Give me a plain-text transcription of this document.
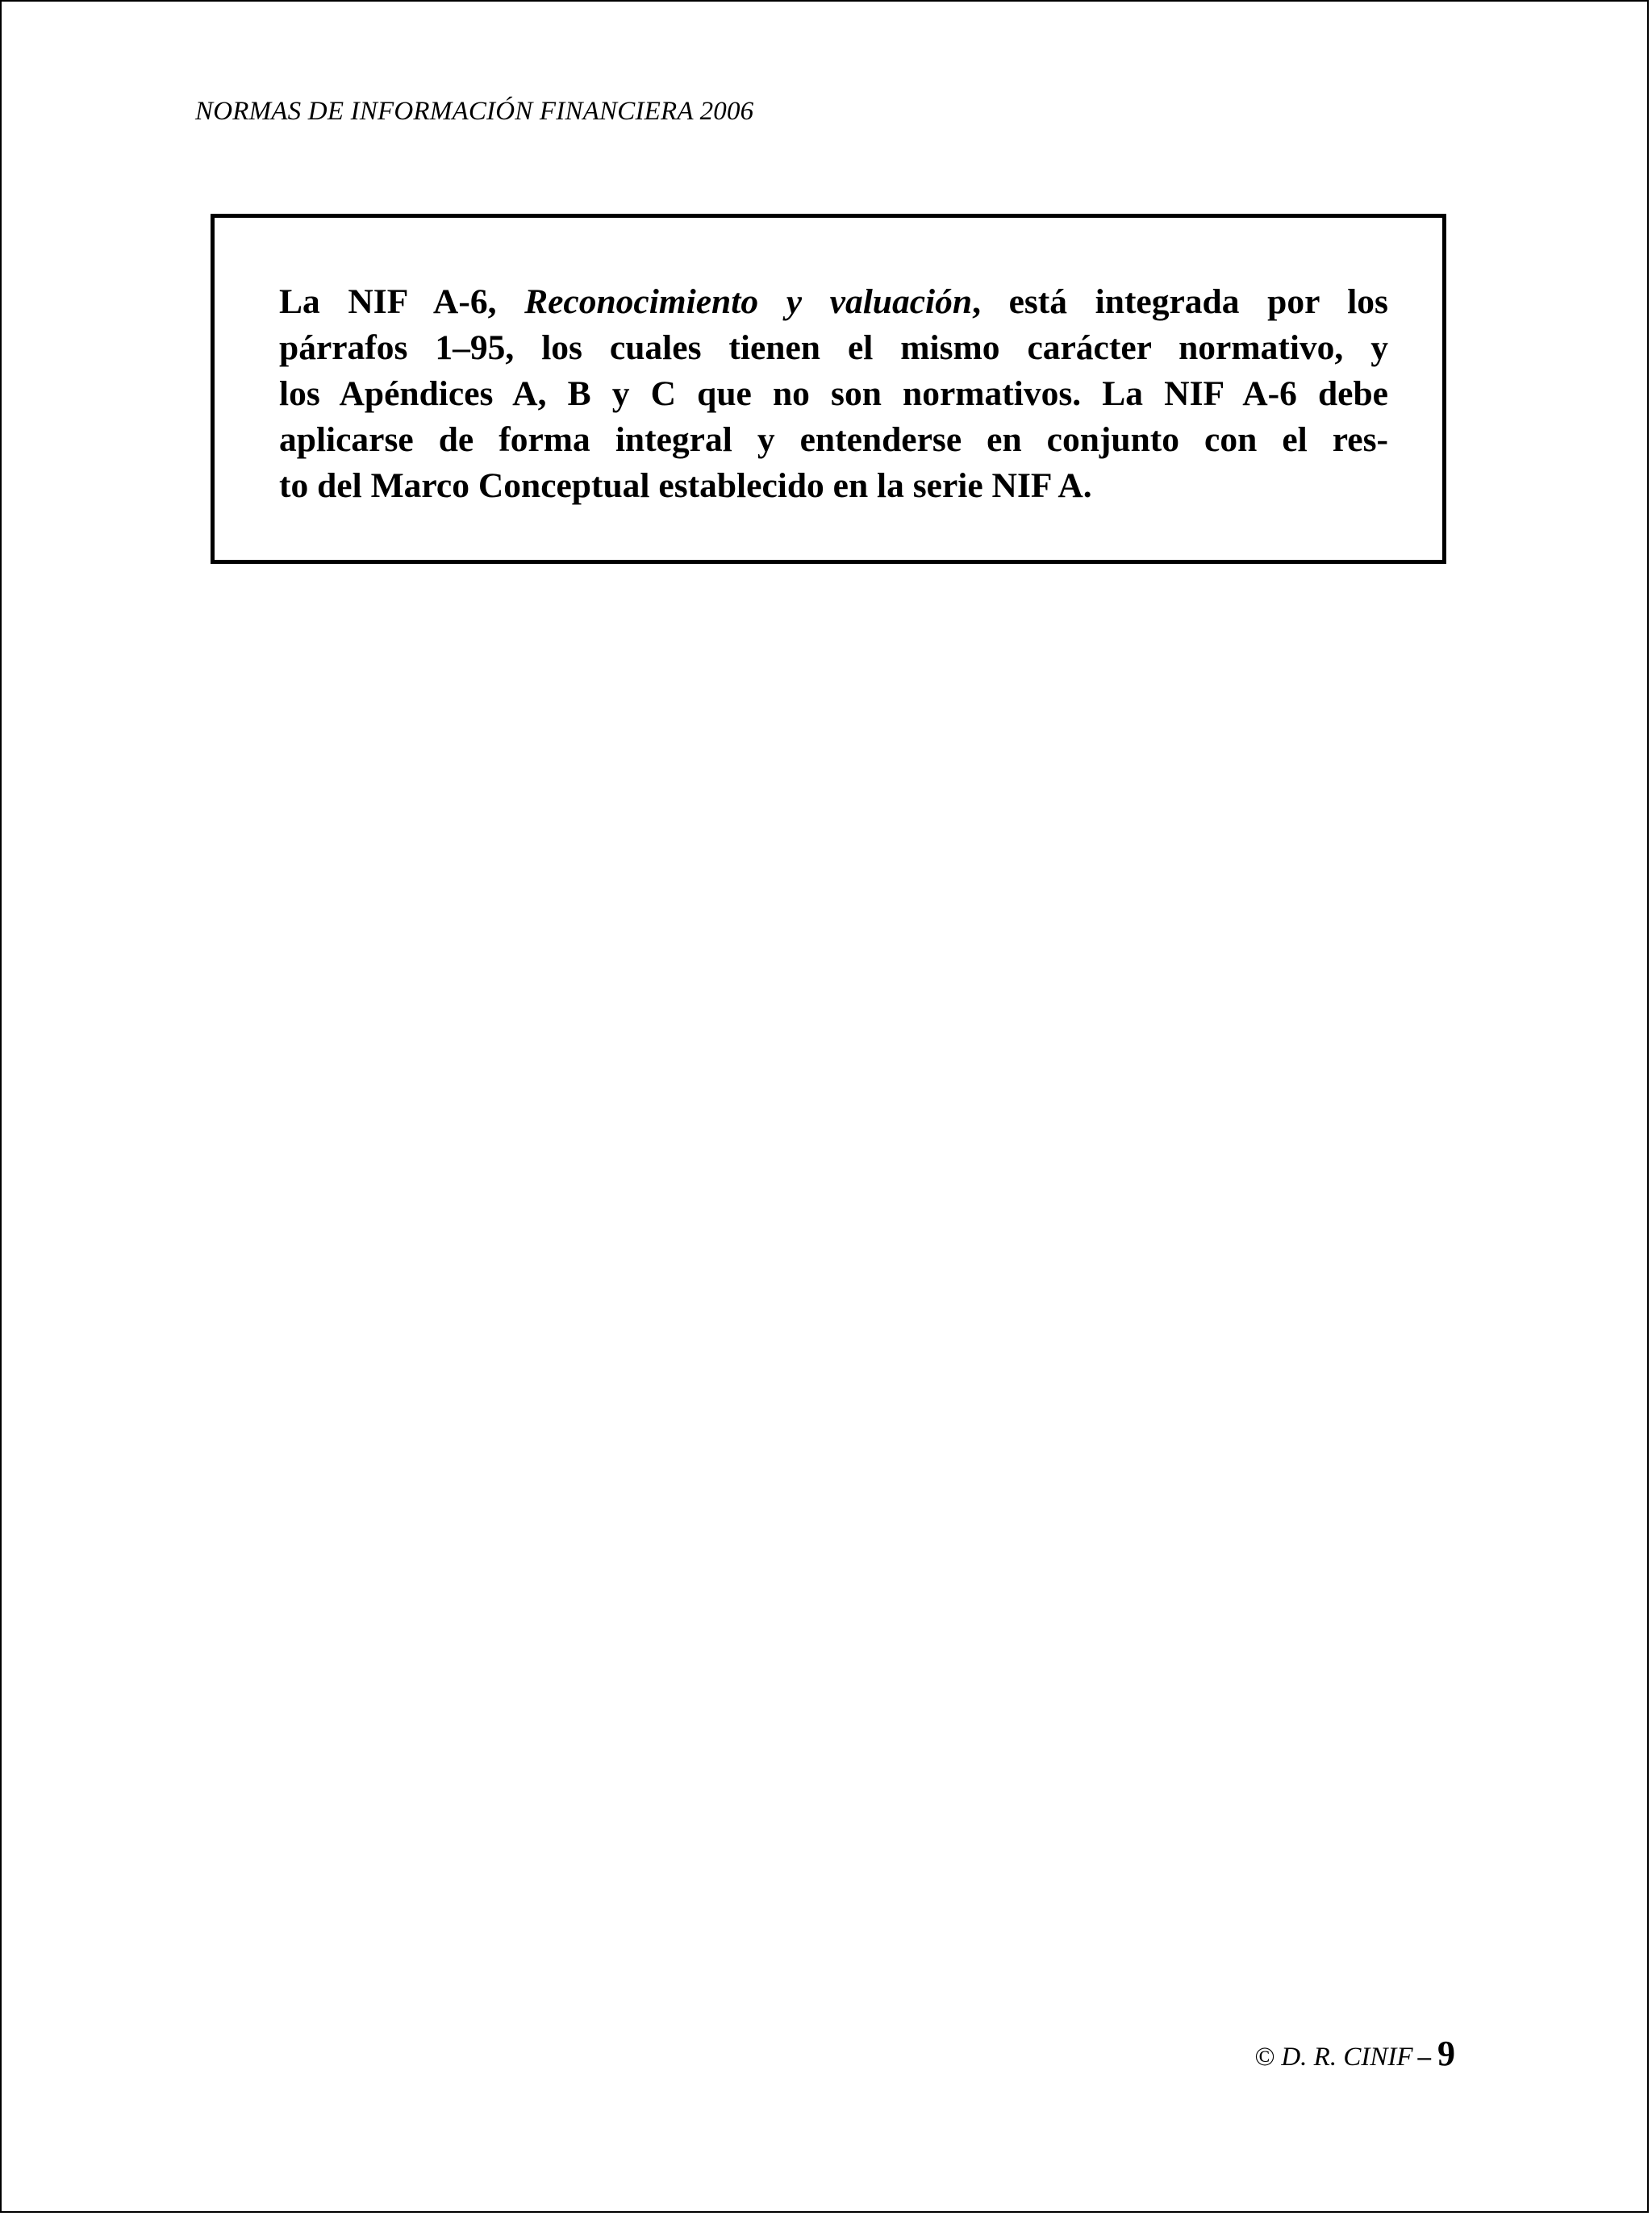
NORMAS DE INFORMACIÓN FINANCIERA 2006

La NIF A-6, Reconocimiento y valuación, está integrada por los
párrafos 1–95, los cuales tienen el mismo carácter normativo, y
los Apéndices A, B y C que no son normativos. La NIF A-6 debe
aplicarse de forma integral y entenderse en conjunto con el res-
to del Marco Conceptual establecido en la serie NIF A.

© D. R. CINIF – 9
